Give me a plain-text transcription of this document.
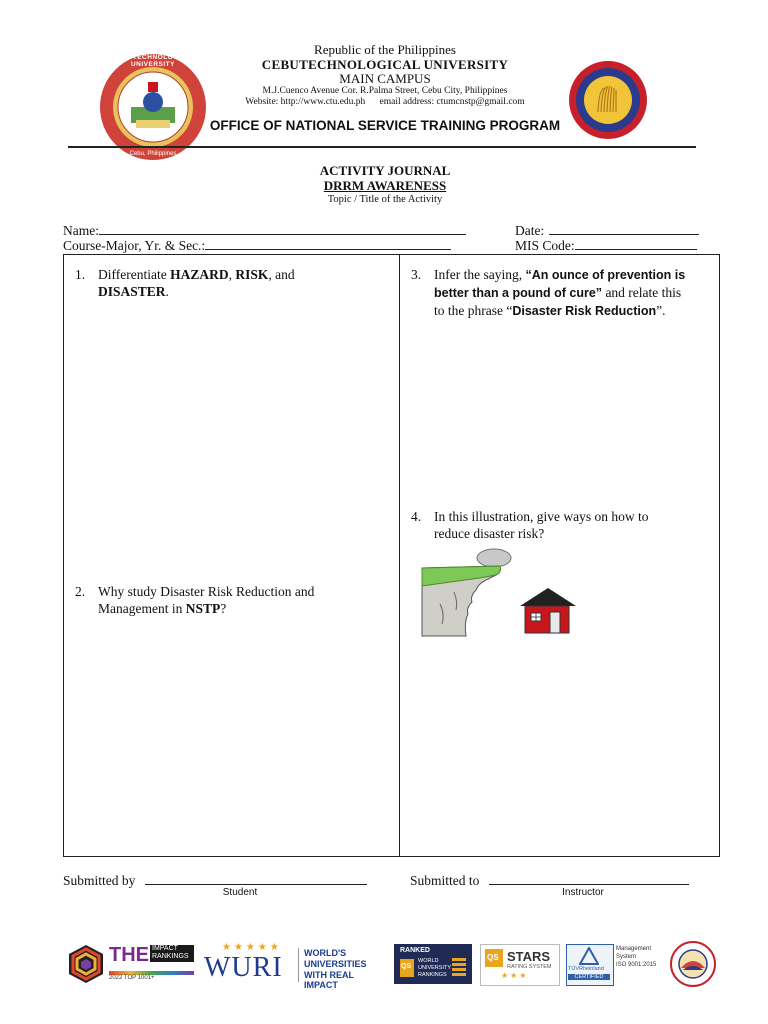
CEBU TECHNOLOGICAL UNIVERSITY
Cebu, Philippines
Republic of the Philippines
CEBUTECHNOLOGICAL UNIVERSITY
MAIN CAMPUS
M.J.Cuenco Avenue Cor. R.Palma Street, Cebu City, Philippines
Website: http://www.ctu.edu.ph      email address: ctumcnstp@gmail.com
OFFICE OF NATIONAL SERVICE TRAINING PROGRAM
ACTIVITY JOURNAL
DRRM AWARENESS
Topic / Title of the Activity
Name:	Date:
Course-Major, Yr. & Sec.:	MIS Code:
1. Differentiate HAZARD, RISK, and
DISASTER.
2. Why study Disaster Risk Reduction and
Management in NSTP?
3. Infer the saying, “An ounce of prevention is
better than a pound of cure” and relate this
to the phrase “Disaster Risk Reduction”.
4. In this illustration, give ways on how to
reduce disaster risk?
Submitted by
Student
Submitted to
Instructor
THE IMPACT
RANKINGS
2022 TOP 1001+
★★★★★
WURI WORLD'S
UNIVERSITIES
WITH REAL IMPACT
RANKED
QS
WORLD
UNIVERSITY
RANKINGS
QS STARS
RATING SYSTEM
★★★
TÜVRheinland
CERTIFIED
Management
System
ISO 9001:2015
